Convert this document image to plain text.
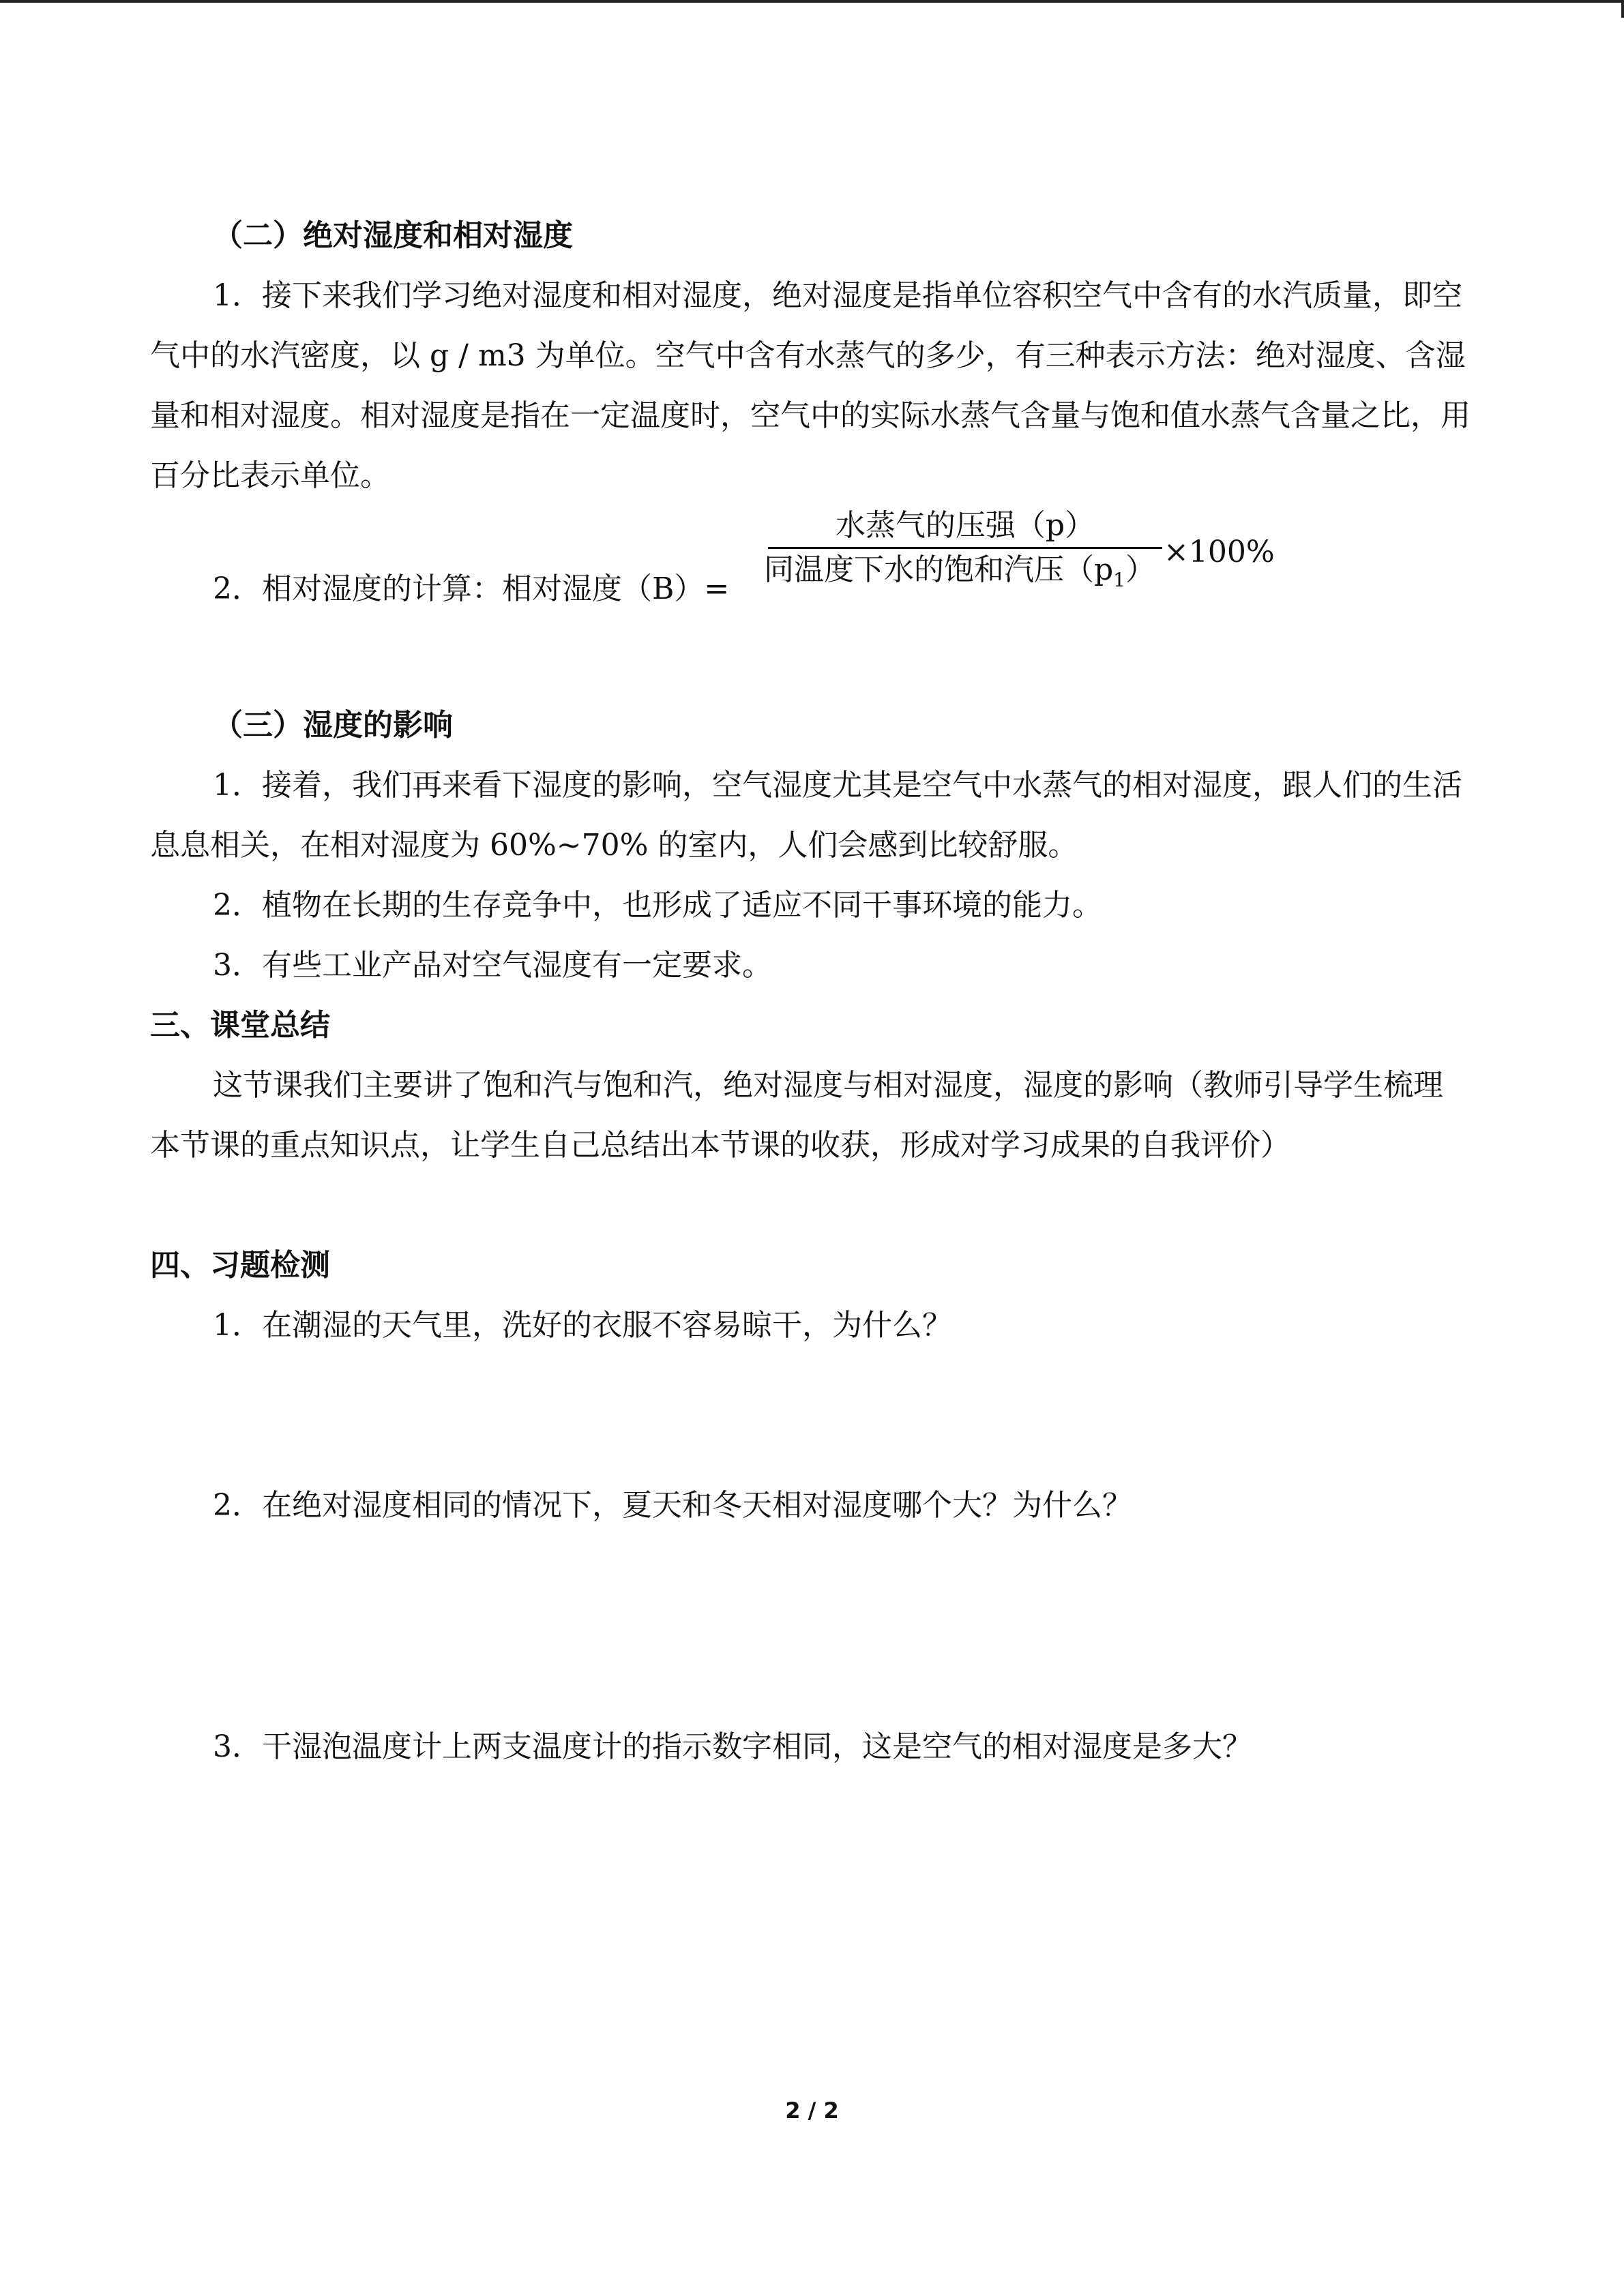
（二）绝对湿度和相对湿度
1．接下来我们学习绝对湿度和相对湿度，绝对湿度是指单位容积空气中含有的水汽质量，即空气中的水汽密度，以 g / m3 为单位。空气中含有水蒸气的多少，有三种表示方法：绝对湿度、含湿量和相对湿度。相对湿度是指在一定温度时，空气中的实际水蒸气含量与饱和值水蒸气含量之比，用百分比表示单位。
水蒸气的压强（p）
同温度下水的饱和汽压$(p_1)$
×100%
2．相对湿度的计算：相对湿度（B）=
（三）湿度的影响
1．接着，我们再来看下湿度的影响，空气湿度尤其是空气中水蒸气的相对湿度，跟人们的生活息息相关，在相对湿度为 60%~70% 的室内，人们会感到比较舒服。
2．植物在长期的生存竞争中，也形成了适应不同干事环境的能力。
3．有些工业产品对空气湿度有一定要求。
三、课堂总结
这节课我们主要讲了饱和汽与饱和汽，绝对湿度与相对湿度，湿度的影响（教师引导学生梳理本节课的重点知识点，让学生自己总结出本节课的收获，形成对学习成果的自我评价）
四、习题检测
1．在潮湿的天气里，洗好的衣服不容易晾干，为什么？
2．在绝对湿度相同的情况下，夏天和冬天相对湿度哪个大？为什么？
3．干湿泡温度计上两支温度计的指示数字相同，这是空气的相对湿度是多大？
2 / 2
